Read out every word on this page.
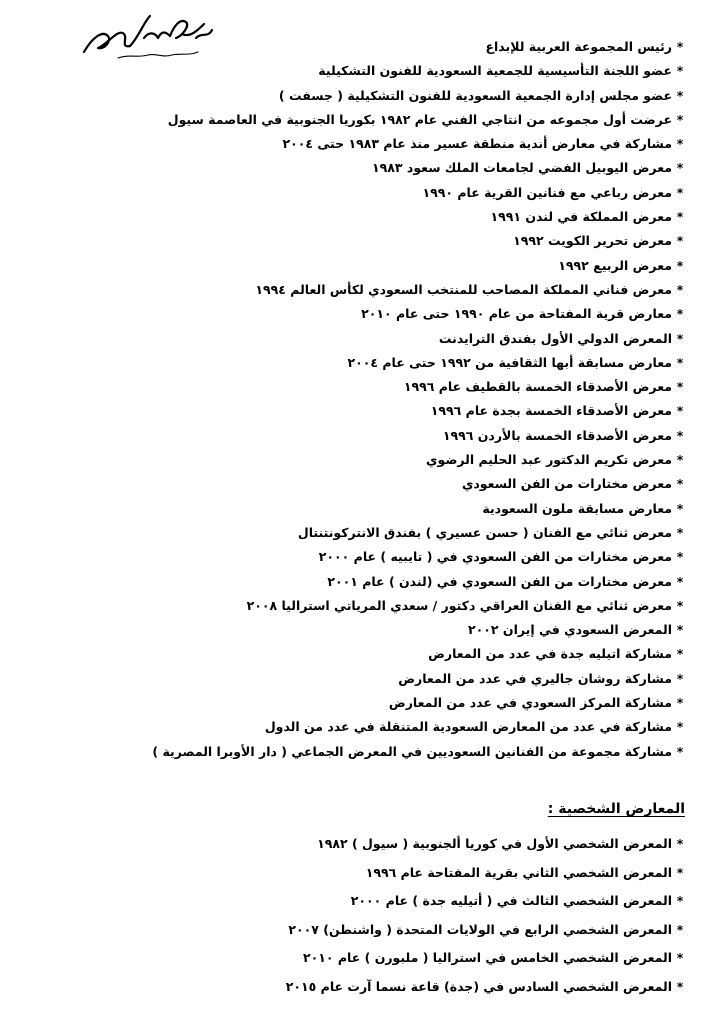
*رئيس المجموعة العربية للإبداع
*عضو اللجنة التأسيسية للجمعية السعودية للفنون التشكيلية
*عضو مجلس إدارة الجمعية السعودية للفنون التشكيلية ( جسفت )
*عرضت أول مجموعه من انتاجي الفني عام ١٩٨٢ بكوريا الجنوبية في العاصمة سيول
*مشاركة في معارض أندية منطقة عسير منذ عام ١٩٨٣ حتى ٢٠٠٤
*معرض اليوبيل الفضي لجامعات الملك سعود ١٩٨٣
*معرض رباعي مع فنانين القرية عام ١٩٩٠
*معرض المملكة في لندن ١٩٩١
*معرض تحرير الكويت ١٩٩٢
*معرض الربيع ١٩٩٢
*معرض فناني المملكة المصاحب للمنتخب السعودي لكأس العالم ١٩٩٤
*معارض قرية المفتاحة من عام ١٩٩٠ حتى عام ٢٠١٠
*المعرض الدولي الأول بفندق الترايدنت
*معارض مسابقة أبها الثقافية من ١٩٩٢ حتى عام ٢٠٠٤
*معرض الأصدقاء الخمسة بالقطيف عام ١٩٩٦
*معرض الأصدقاء الخمسة بجدة عام ١٩٩٦
*معرض الأصدقاء الخمسة بالأردن ١٩٩٦
*معرض تكريم الدكتور عبد الحليم الرضوي
*معرض مختارات من الفن السعودي
*معارض مسابقة ملون السعودية
*معرض ثنائي مع الفنان ( حسن عسيري ) بفندق الانتركونتنتال
*معرض مختارات من الفن السعودي في ( تايبيه ) عام ٢٠٠٠
*معرض مختارات من الفن السعودي في (لندن ) عام ٢٠٠١
*معرض ثنائي مع الفنان العراقي دكتور / سعدي المرياتي استراليا ٢٠٠٨
*المعرض السعودي في إيران ٢٠٠٢
*مشاركة اتيليه جدة في عدد من المعارض
*مشاركة روشان جاليري في عدد من المعارض
*مشاركة المركز السعودي في عدد من المعارض
*مشاركة في عدد من المعارض السعودية المتنقلة في عدد من الدول
*مشاركة مجموعة من الفنانين السعوديين في المعرض الجماعي ( دار الأوبرا المصرية )
المعارض الشخصية :
*المعرض الشخصي الأول في كوريا ألجنوبية ( سيول ) ١٩٨٢
*المعرض الشخصي الثاني بقرية المفتاحة عام ١٩٩٦
*المعرض الشخصي الثالث في ( أتيليه جدة ) عام ٢٠٠٠
*المعرض الشخصي الرابع في الولايات المتحدة ( واشنطن) ٢٠٠٧
*المعرض الشخصي الخامس في استراليا ( ملبورن ) عام ٢٠١٠
*المعرض الشخصي السادس في (جدة) قاعة نسما آرت عام ٢٠١٥
